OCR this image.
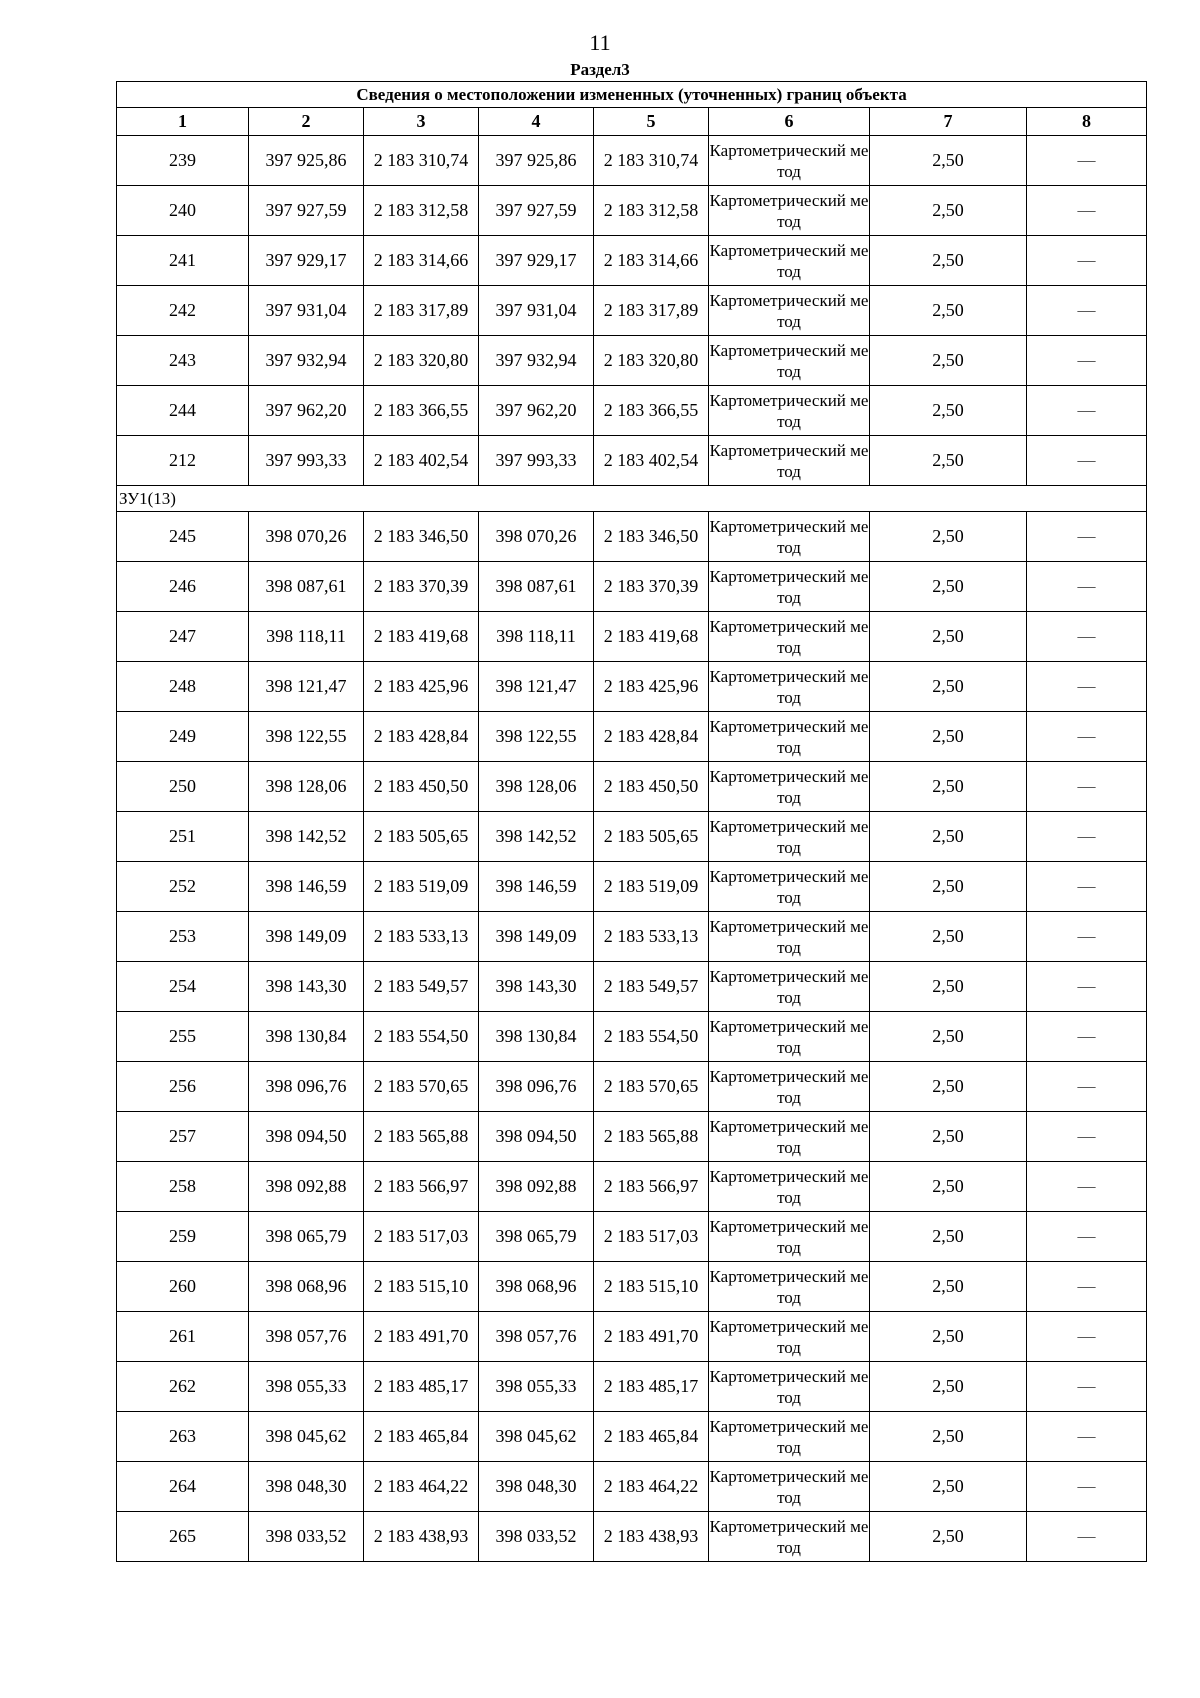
11
Раздел3
Сведения о местоположении измененных (уточненных) границ объекта							
1	2	3	4	5	6	7	8
239	397 925,86	2 183 310,74	397 925,86	2 183 310,74	Картометрический метод	2,50	—
240	397 927,59	2 183 312,58	397 927,59	2 183 312,58	Картометрический метод	2,50	—
241	397 929,17	2 183 314,66	397 929,17	2 183 314,66	Картометрический метод	2,50	—
242	397 931,04	2 183 317,89	397 931,04	2 183 317,89	Картометрический метод	2,50	—
243	397 932,94	2 183 320,80	397 932,94	2 183 320,80	Картометрический метод	2,50	—
244	397 962,20	2 183 366,55	397 962,20	2 183 366,55	Картометрический метод	2,50	—
212	397 993,33	2 183 402,54	397 993,33	2 183 402,54	Картометрический метод	2,50	—
ЗУ1(13)							
245	398 070,26	2 183 346,50	398 070,26	2 183 346,50	Картометрический метод	2,50	—
246	398 087,61	2 183 370,39	398 087,61	2 183 370,39	Картометрический метод	2,50	—
247	398 118,11	2 183 419,68	398 118,11	2 183 419,68	Картометрический метод	2,50	—
248	398 121,47	2 183 425,96	398 121,47	2 183 425,96	Картометрический метод	2,50	—
249	398 122,55	2 183 428,84	398 122,55	2 183 428,84	Картометрический метод	2,50	—
250	398 128,06	2 183 450,50	398 128,06	2 183 450,50	Картометрический метод	2,50	—
251	398 142,52	2 183 505,65	398 142,52	2 183 505,65	Картометрический метод	2,50	—
252	398 146,59	2 183 519,09	398 146,59	2 183 519,09	Картометрический метод	2,50	—
253	398 149,09	2 183 533,13	398 149,09	2 183 533,13	Картометрический метод	2,50	—
254	398 143,30	2 183 549,57	398 143,30	2 183 549,57	Картометрический метод	2,50	—
255	398 130,84	2 183 554,50	398 130,84	2 183 554,50	Картометрический метод	2,50	—
256	398 096,76	2 183 570,65	398 096,76	2 183 570,65	Картометрический метод	2,50	—
257	398 094,50	2 183 565,88	398 094,50	2 183 565,88	Картометрический метод	2,50	—
258	398 092,88	2 183 566,97	398 092,88	2 183 566,97	Картометрический метод	2,50	—
259	398 065,79	2 183 517,03	398 065,79	2 183 517,03	Картометрический метод	2,50	—
260	398 068,96	2 183 515,10	398 068,96	2 183 515,10	Картометрический метод	2,50	—
261	398 057,76	2 183 491,70	398 057,76	2 183 491,70	Картометрический метод	2,50	—
262	398 055,33	2 183 485,17	398 055,33	2 183 485,17	Картометрический метод	2,50	—
263	398 045,62	2 183 465,84	398 045,62	2 183 465,84	Картометрический метод	2,50	—
264	398 048,30	2 183 464,22	398 048,30	2 183 464,22	Картометрический метод	2,50	—
265	398 033,52	2 183 438,93	398 033,52	2 183 438,93	Картометрический метод	2,50	—
